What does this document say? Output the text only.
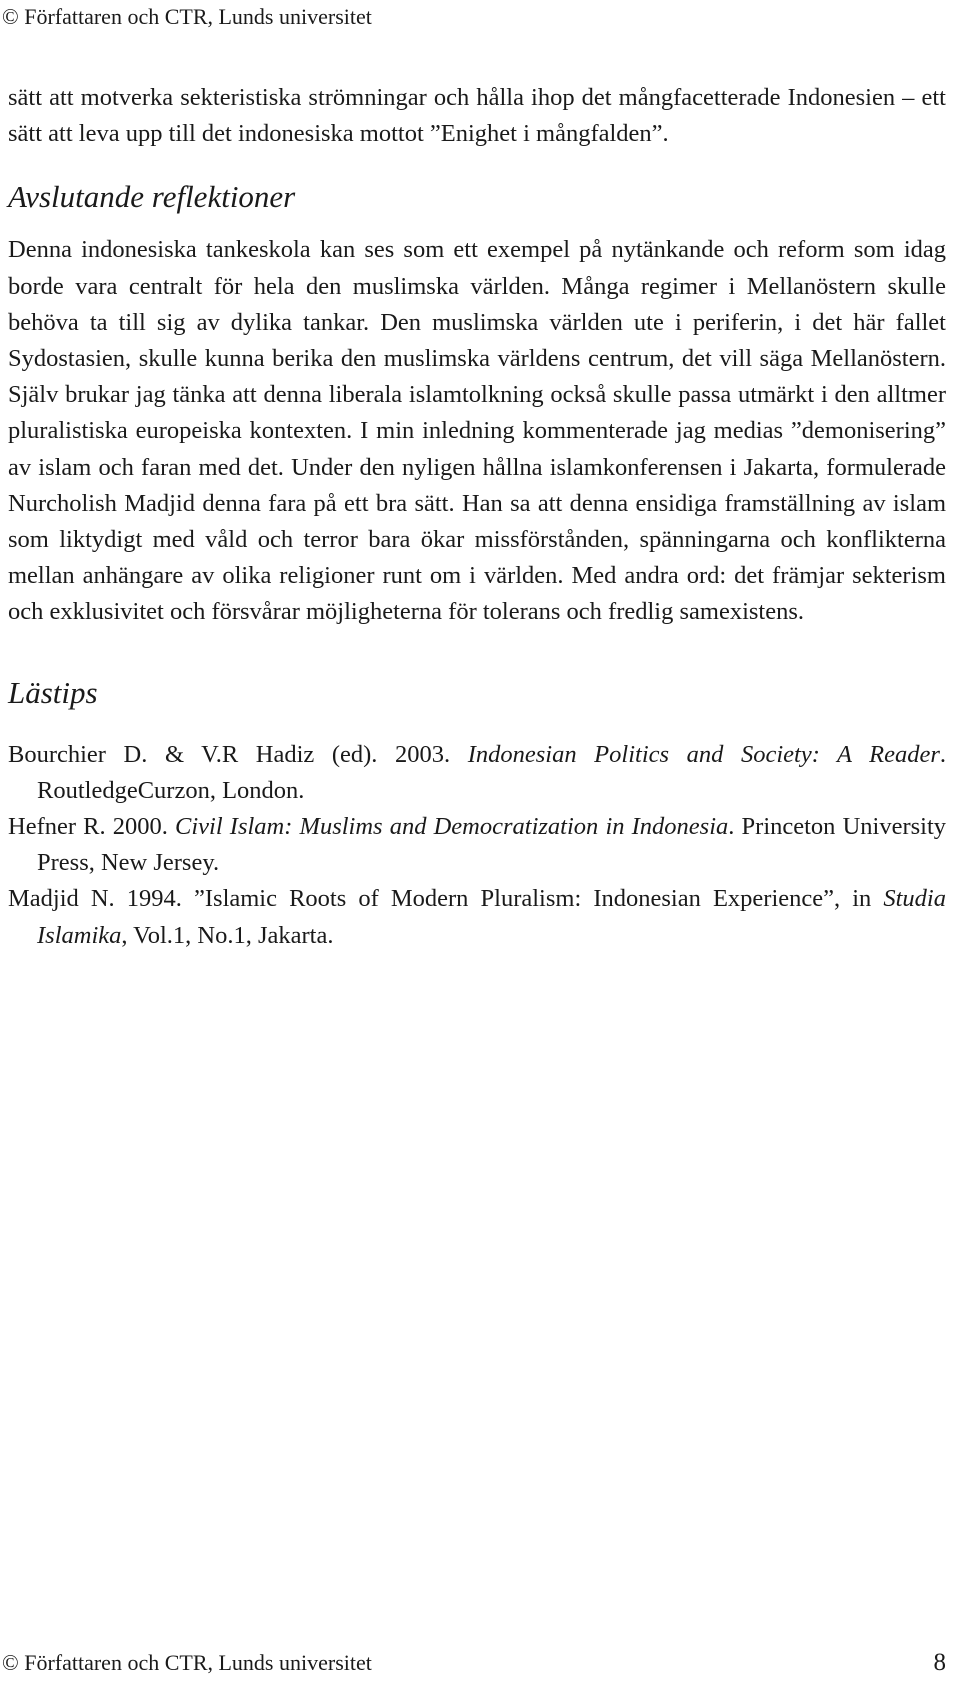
© Författaren och CTR, Lunds universitet

sätt att motverka sekteristiska strömningar och hålla ihop det mångfacetterade Indonesien – ett sätt att leva upp till det indonesiska mottot ”Enighet i mångfalden”.

Avslutande reflektioner

Denna indonesiska tankeskola kan ses som ett exempel på nytänkande och reform som idag borde vara centralt för hela den muslimska världen. Många regimer i Mellanöstern skulle behöva ta till sig av dylika tankar. Den muslimska världen ute i periferin, i det här fallet Sydostasien, skulle kunna berika den muslimska världens centrum, det vill säga Mellanöstern. Själv brukar jag tänka att denna liberala islamtolkning också skulle passa utmärkt i den alltmer pluralistiska europeiska kontexten. I min inledning kommenterade jag medias ”demonisering” av islam och faran med det. Under den nyligen hållna islamkonferensen i Jakarta, formulerade Nurcholish Madjid denna fara på ett bra sätt. Han sa att denna ensidiga framställning av islam som liktydigt med våld och terror bara ökar missförstånden, spänningarna och konflikterna mellan anhängare av olika religioner runt om i världen. Med andra ord: det främjar sekterism och exklusivitet och försvårar möjligheterna för tolerans och fredlig samexistens.

Lästips
Bourchier D. & V.R Hadiz (ed). 2003. Indonesian Politics and Society: A Reader. RoutledgeCurzon, London.
Hefner R. 2000. Civil Islam: Muslims and Democratization in Indonesia. Princeton University Press, New Jersey.
Madjid N. 1994. ”Islamic Roots of Modern Pluralism: Indonesian Experience”, in Studia Islamika, Vol.1, No.1, Jakarta.
© Författaren och CTR, Lunds universitet	8
